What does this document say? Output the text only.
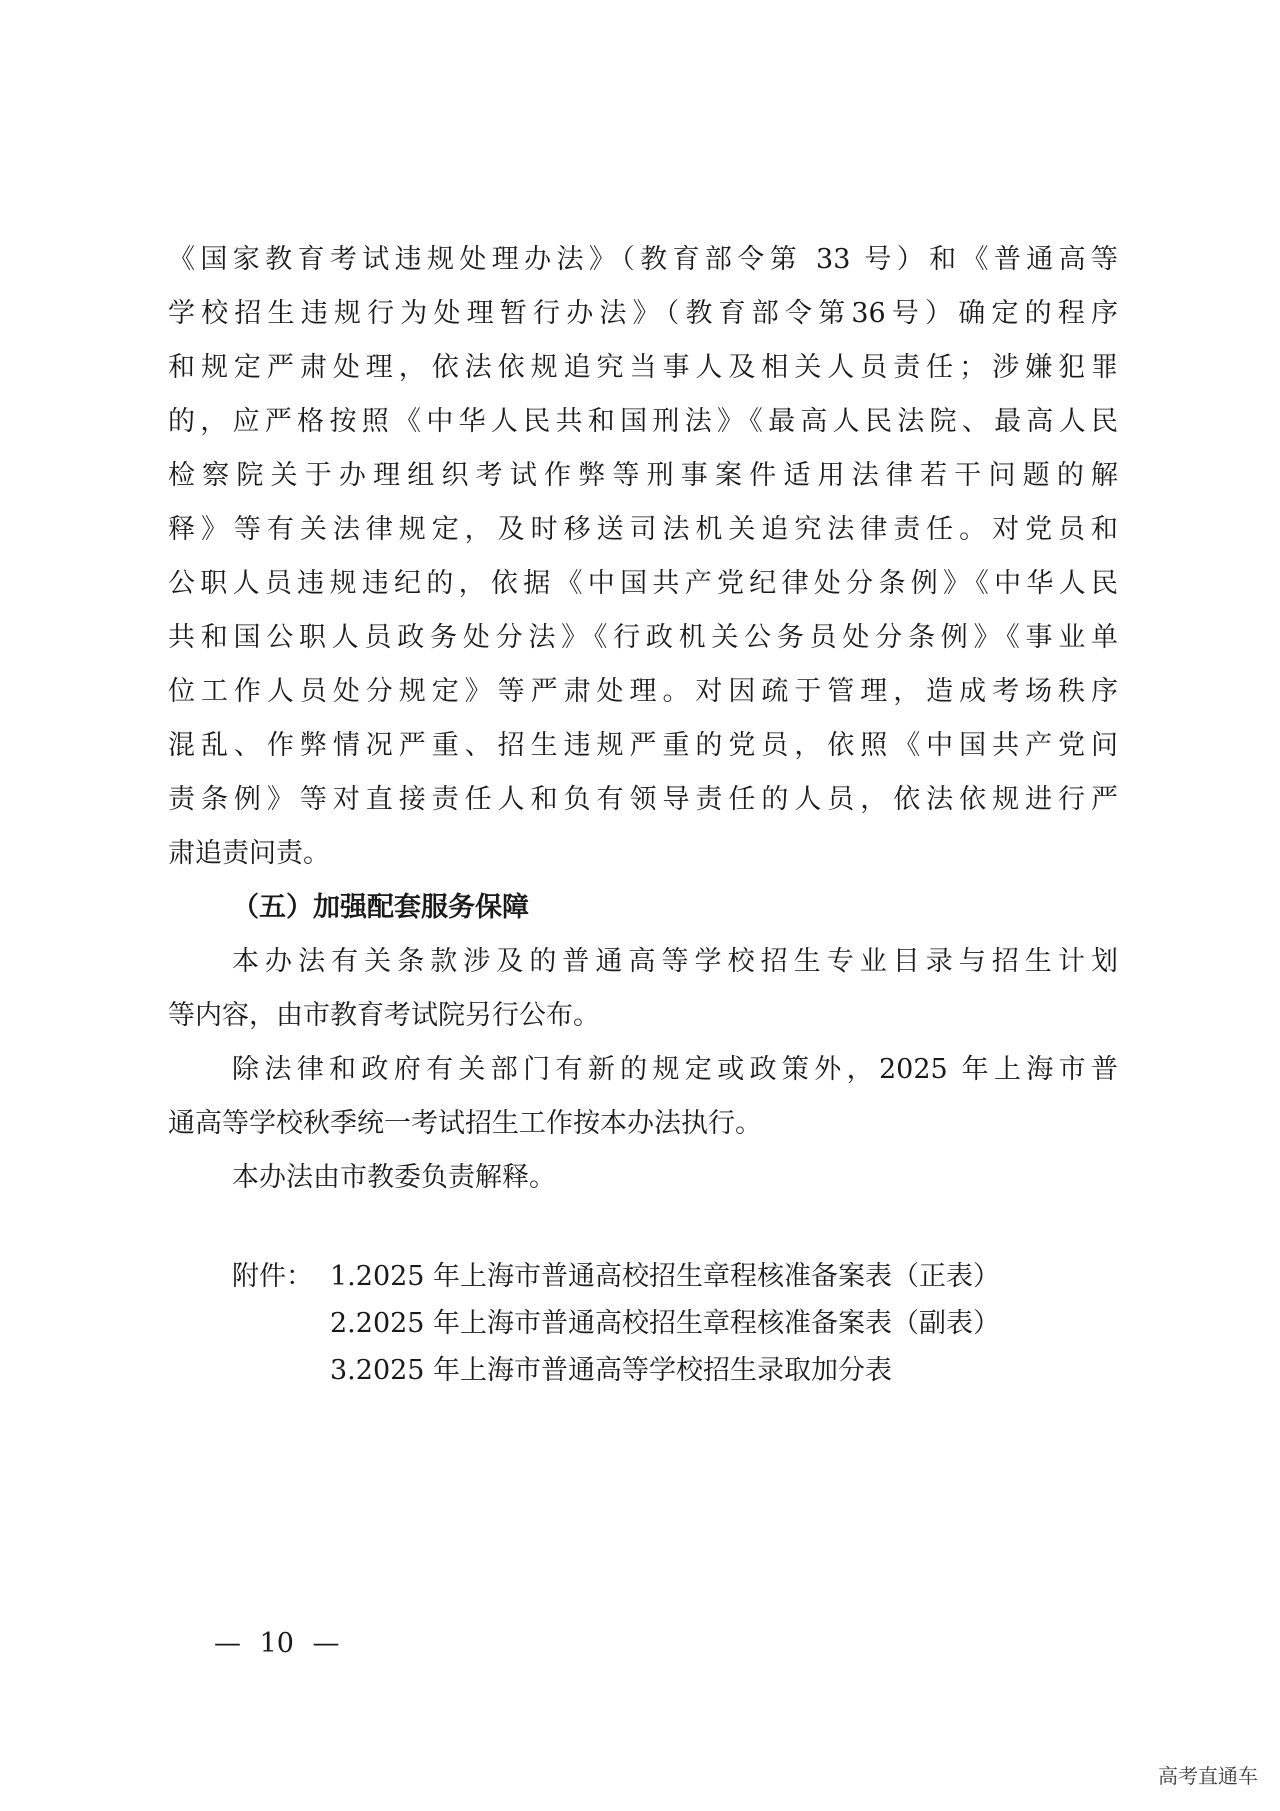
《国家教育考试违规处理办法》（教育部令第 33 号）和《普通高等
学校招生违规行为处理暂行办法》（教育部令第36号）确定的程序
和规定严肃处理，依法依规追究当事人及相关人员责任；涉嫌犯罪
的，应严格按照《中华人民共和国刑法》《最高人民法院、最高人民
检察院关于办理组织考试作弊等刑事案件适用法律若干问题的解
释》等有关法律规定，及时移送司法机关追究法律责任。对党员和
公职人员违规违纪的，依据《中国共产党纪律处分条例》《中华人民
共和国公职人员政务处分法》《行政机关公务员处分条例》《事业单
位工作人员处分规定》等严肃处理。对因疏于管理，造成考场秩序
混乱、作弊情况严重、招生违规严重的党员，依照《中国共产党问
责条例》等对直接责任人和负有领导责任的人员，依法依规进行严
肃追责问责。
（五）加强配套服务保障
本办法有关条款涉及的普通高等学校招生专业目录与招生计划
等内容，由市教育考试院另行公布。
除法律和政府有关部门有新的规定或政策外，2025 年上海市普
通高等学校秋季统一考试招生工作按本办法执行。
本办法由市教委负责解释。
附件： 1.2025 年上海市普通高校招生章程核准备案表（正表）
2.2025 年上海市普通高校招生章程核准备案表（副表）
3.2025 年上海市普通高等学校招生录取加分表
— 10 —
高考直通车
